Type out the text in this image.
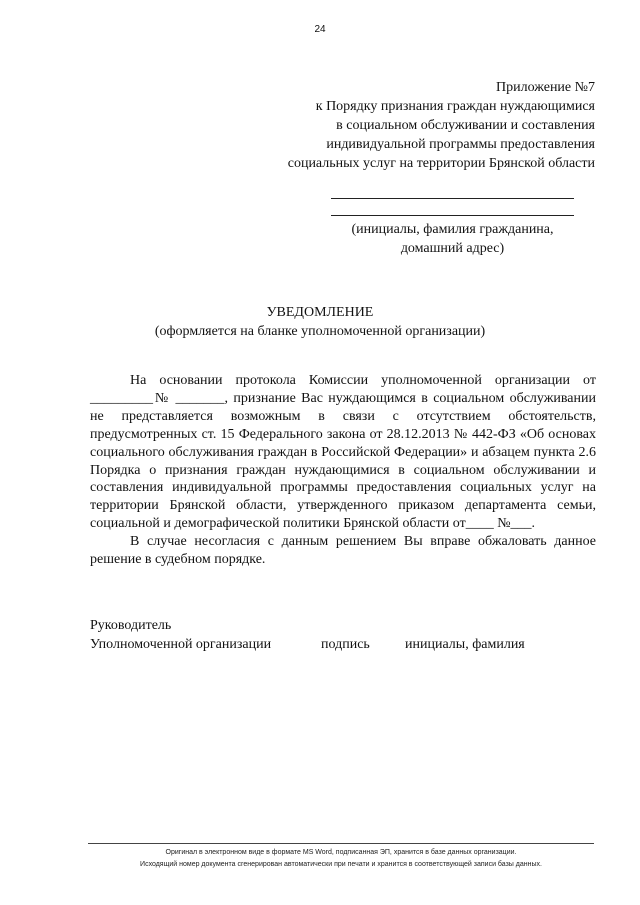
24
Приложение №7
к Порядку признания граждан нуждающимися
в социальном обслуживании и составления
индивидуальной программы предоставления
социальных услуг на территории Брянской области
(инициалы, фамилия гражданина,
домашний адрес)
УВЕДОМЛЕНИЕ
(оформляется на бланке уполномоченной организации)

На основании протокола Комиссии уполномоченной организации от _________№ _______, признание Вас нуждающимся в социальном обслуживании не представляется возможным в связи с отсутствием обстоятельств, предусмотренных ст. 15 Федерального закона от 28.12.2013 № 442-ФЗ «Об основах социального обслуживания граждан в Российской Федерации» и абзацем пункта 2.6 Порядка о признания граждан нуждающимися в социальном обслуживании и составления индивидуальной программы предоставления социальных услуг на территории Брянской области, утвержденного приказом департамента семьи, социальной и демографической политики Брянской области от____ №___.

В случае несогласия с данным решением Вы вправе обжаловать данное решение в судебном порядке.

Руководитель
Уполномоченной организации	подпись	инициалы, фамилия
Оригинал в электронном виде в формате MS Word, подписанная ЭП, хранится в базе данных организации.
Исходящий номер документа сгенерирован автоматически при печати и хранится в соответствующей записи базы данных.
